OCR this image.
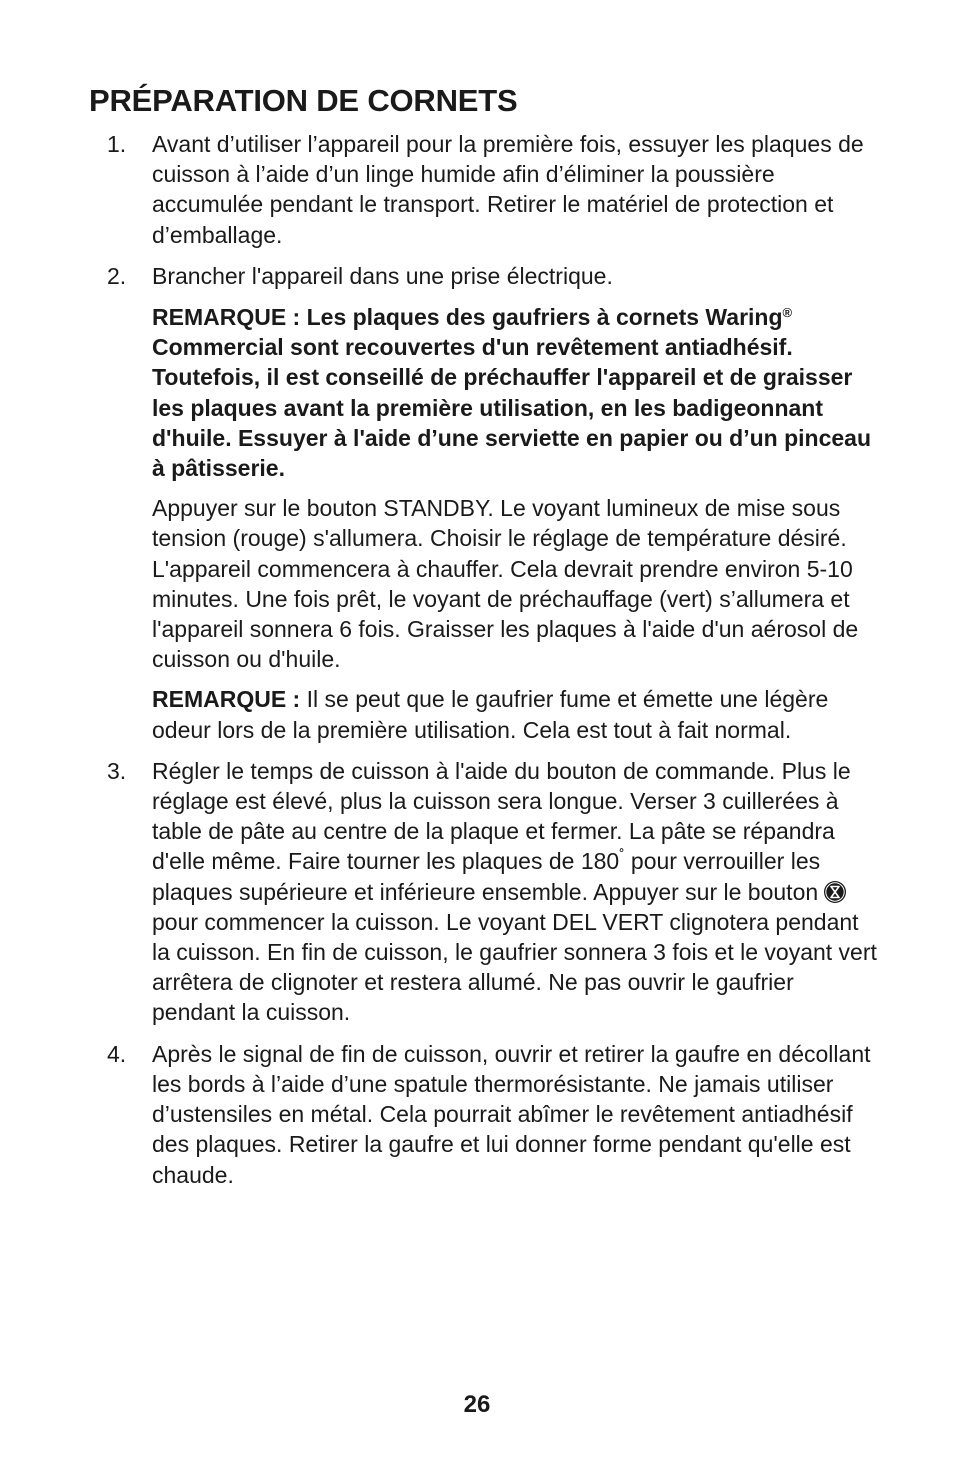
PRÉPARATION DE CORNETS
1. Avant d’utiliser l’appareil pour la première fois, essuyer les plaques de cuisson à l’aide d’un linge humide afin d’éliminer la poussière accumulée pendant le transport. Retirer le matériel de protection et d’emballage.

2. Brancher l'appareil dans une prise électrique.

REMARQUE : Les plaques des gaufriers à cornets Waring® Commercial sont recouvertes d'un revêtement antiadhésif. Toutefois, il est conseillé de préchauffer l'appareil et de graisser les plaques avant la première utilisation, en les badigeonnant d'huile. Essuyer à l'aide d’une serviette en papier ou d’un pinceau à pâtisserie.

Appuyer sur le bouton STANDBY. Le voyant lumineux de mise sous tension (rouge) s'allumera. Choisir le réglage de température désiré. L'appareil commencera à chauffer. Cela devrait prendre environ 5-10 minutes. Une fois prêt, le voyant de préchauffage (vert) s’allumera et l'appareil sonnera 6 fois. Graisser les plaques à l'aide d'un aérosol de cuisson ou d'huile.

REMARQUE : Il se peut que le gaufrier fume et émette une légère odeur lors de la première utilisation. Cela est tout à fait normal.

3. Régler le temps de cuisson à l'aide du bouton de commande. Plus le réglage est élevé, plus la cuisson sera longue. Verser 3 cuillerées à table de pâte au centre de la plaque et fermer. La pâte se répandra d'elle même. Faire tourner les plaques de 180˚ pour verrouiller les plaques supérieure et inférieure ensemble. Appuyer sur le bouton

pour commencer la cuisson. Le voyant DEL VERT clignotera pendant la cuisson. En fin de cuisson, le gaufrier sonnera 3 fois et le voyant vert arrêtera de clignoter et restera allumé. Ne pas ouvrir le gaufrier pendant la cuisson.

4. Après le signal de fin de cuisson, ouvrir et retirer la gaufre en décollant les bords à l’aide d’une spatule thermorésistante. Ne jamais utiliser d’ustensiles en métal. Cela pourrait abîmer le revêtement antiadhésif des plaques. Retirer la gaufre et lui donner forme pendant qu'elle est chaude.

26
